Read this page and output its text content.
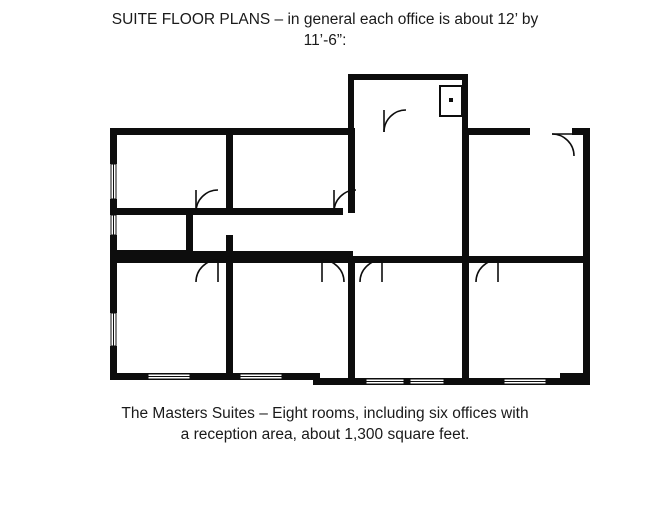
SUITE FLOOR PLANS – in general each office is about 12’ by
11’-6”:
The Masters Suites – Eight rooms, including six offices with
a reception area, about 1,300 square feet.
